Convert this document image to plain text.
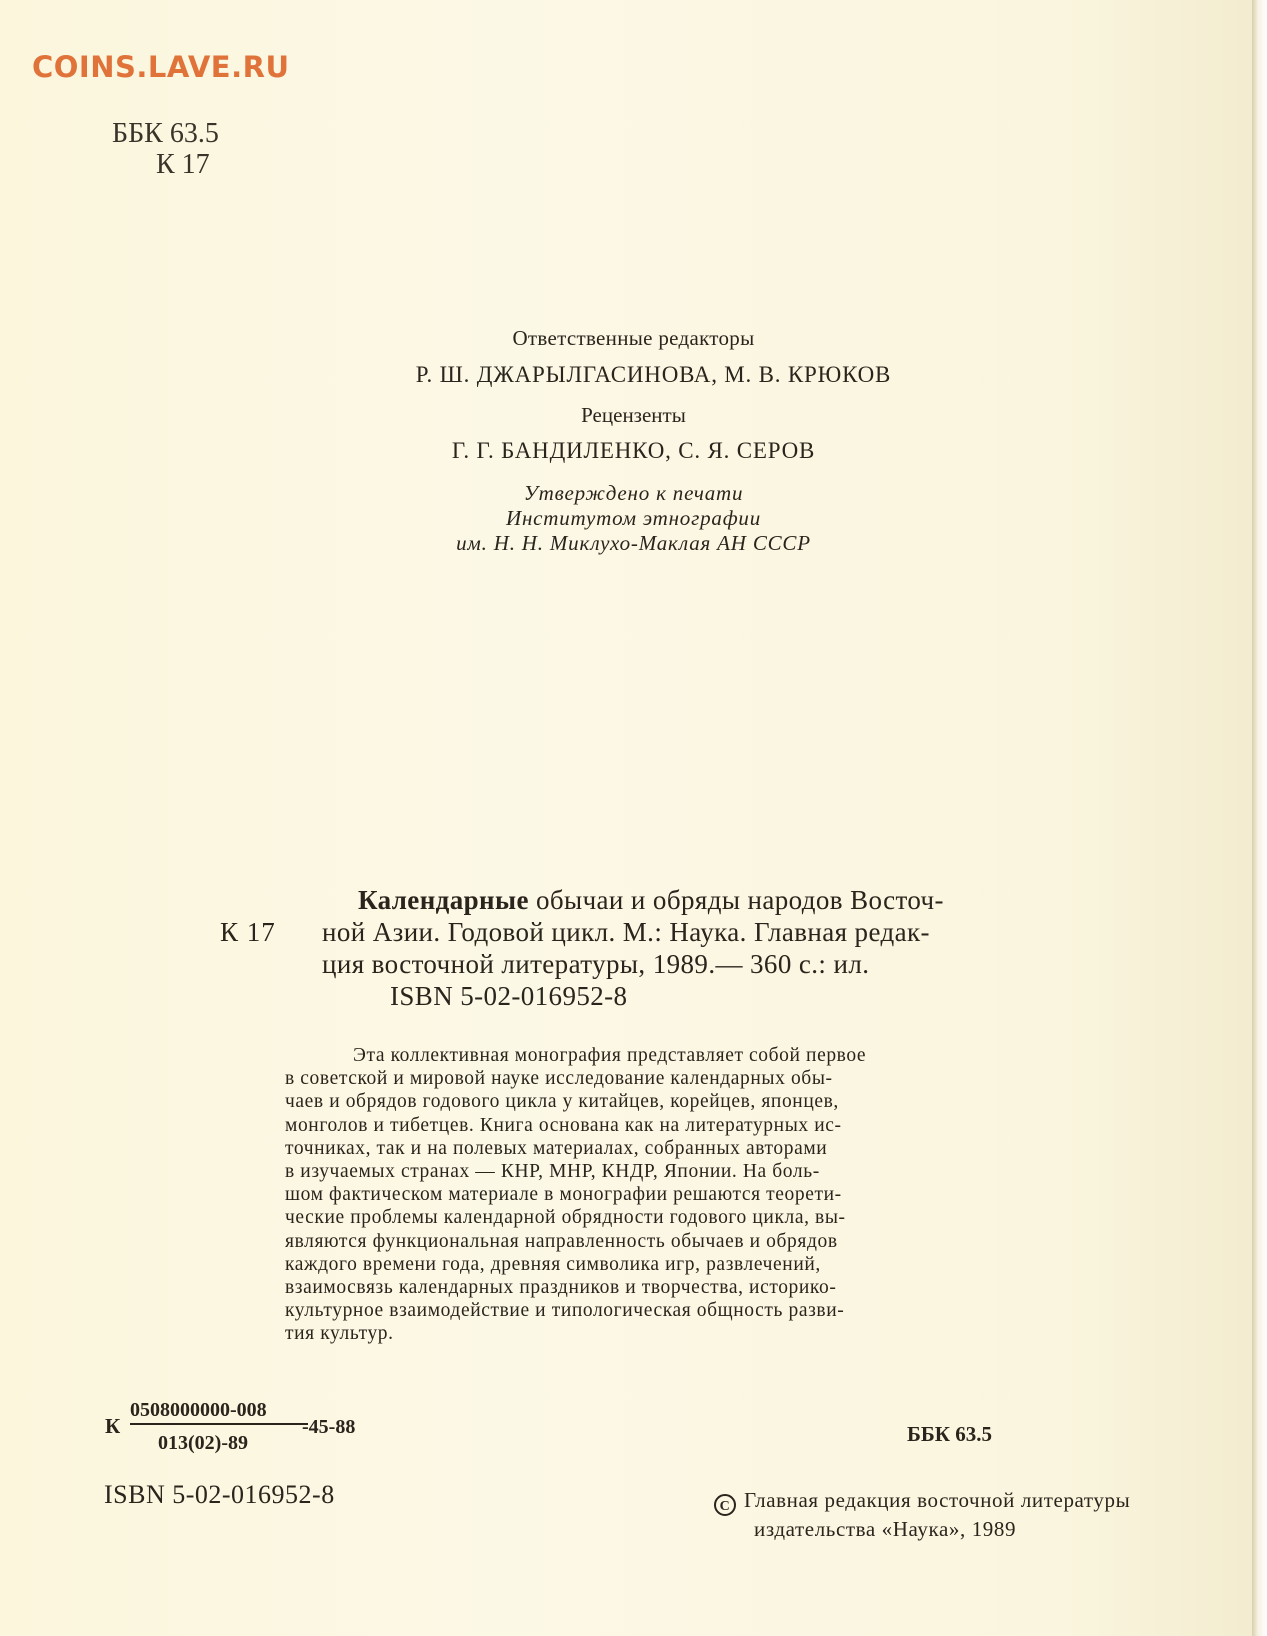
COINS.LAVE.RU
ББК 63.5
К 17
Ответственные редакторы
Р. Ш. ДЖАРЫЛГАСИНОВА, М. В. КРЮКОВ
Рецензенты
Г. Г. БАНДИЛЕНКО, С. Я. СЕРОВ
Утверждено к печати
Институтом этнографии
им. Н. Н. Миклухо-Маклая АН СССР
К 17
Календарные обычаи и обряды народов Восточ-
ной Азии. Годовой цикл. М.: Наука. Главная редак-
ция восточной литературы, 1989.— 360 с.: ил.
ISBN 5-02-016952-8
Эта коллективная монография представляет собой первое
в советской и мировой науке исследование календарных обы-
чаев и обрядов годового цикла у китайцев, корейцев, японцев,
монголов и тибетцев. Книга основана как на литературных ис-
точниках, так и на полевых материалах, собранных авторами
в изучаемых странах — КНР, МНР, КНДР, Японии. На боль-
шом фактическом материале в монографии решаются теорети-
ческие проблемы календарной обрядности годового цикла, вы-
являются функциональная направленность обычаев и обрядов
каждого времени года, древняя символика игр, развлечений,
взаимосвязь календарных праздников и творчества, историко-
культурное взаимодействие и типологическая общность разви-
тия культур.
К
0508000000-008
013(02)-89
-45-88	ББК 63.5
ISBN 5-02-016952-8	C Главная редакция восточной литературы
издательства «Наука», 1989
